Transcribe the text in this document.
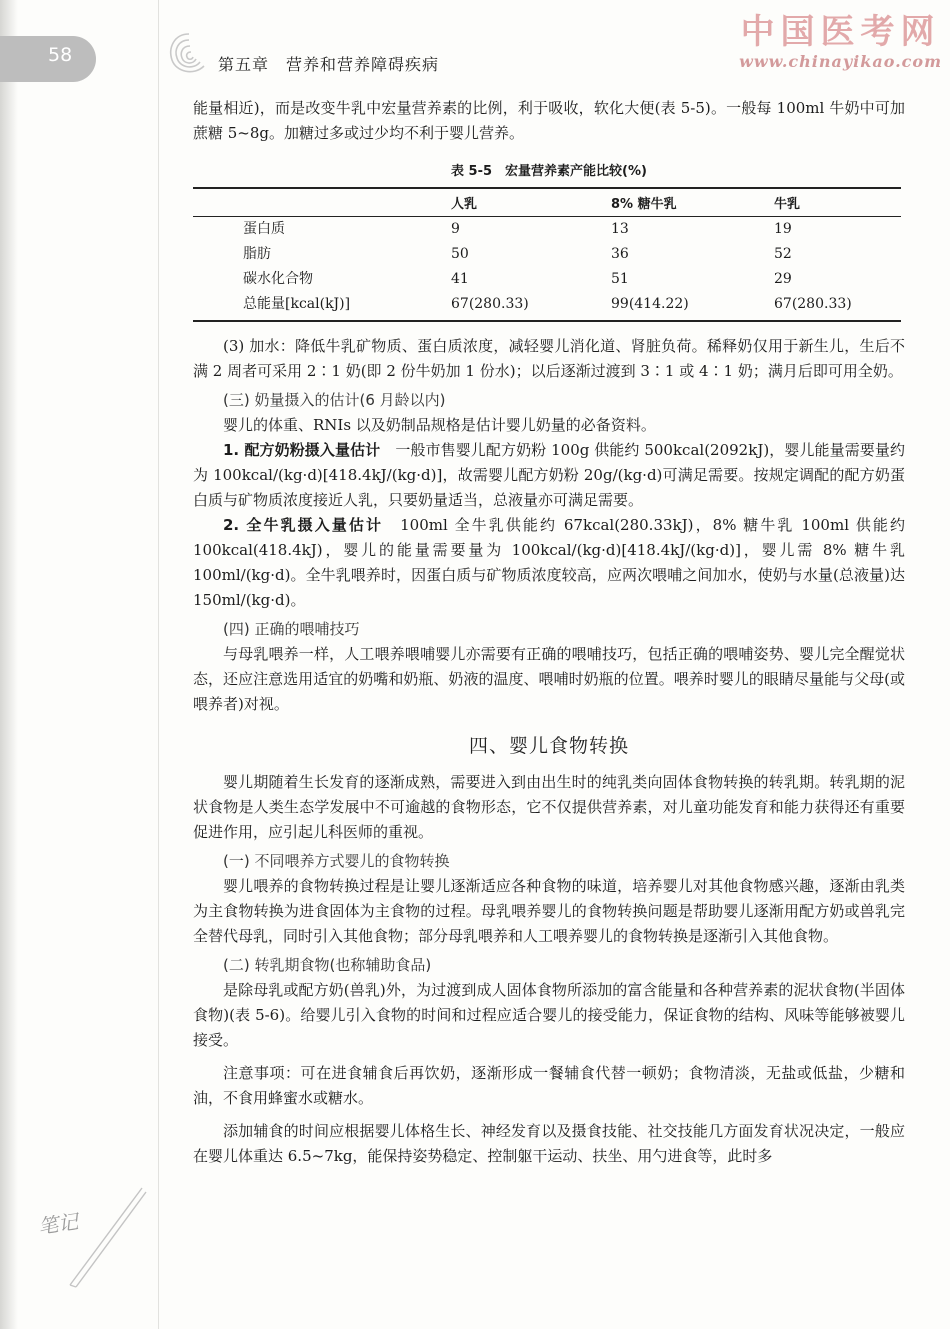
58	第五章　营养和营养障碍疾病
中国医考网
www.chinayikao.com

能量相近)，而是改变牛乳中宏量营养素的比例，利于吸收，软化大便(表 5-5)。一般每 100ml 牛奶中可加蔗糖 5~8g。加糖过多或过少均不利于婴儿营养。

表 5-5　宏量营养素产能比较(%)
	人乳	8% 糖牛乳	牛乳
蛋白质	9	13	19
脂肪	50	36	52
碳水化合物	41	51	29
总能量[kcal(kJ)]	67(280.33)	99(414.22)	67(280.33)

(3) 加水：降低牛乳矿物质、蛋白质浓度，减轻婴儿消化道、肾脏负荷。稀释奶仅用于新生儿，生后不满 2 周者可采用 2∶1 奶(即 2 份牛奶加 1 份水)；以后逐渐过渡到 3∶1 或 4∶1 奶；满月后即可用全奶。

(三) 奶量摄入的估计(6 月龄以内)

婴儿的体重、RNIs 以及奶制品规格是估计婴儿奶量的必备资料。

1. 配方奶粉摄入量估计　一般市售婴儿配方奶粉 100g 供能约 500kcal(2092kJ)，婴儿能量需要量约为 100kcal/(kg·d)[418.4kJ/(kg·d)]，故需婴儿配方奶粉 20g/(kg·d)可满足需要。按规定调配的配方奶蛋白质与矿物质浓度接近人乳，只要奶量适当，总液量亦可满足需要。

2. 全牛乳摄入量估计　100ml 全牛乳供能约 67kcal(280.33kJ)，8% 糖牛乳 100ml 供能约 100kcal(418.4kJ)，婴儿的能量需要量为 100kcal/(kg·d)[418.4kJ/(kg·d)]，婴儿需 8% 糖牛乳 100ml/(kg·d)。全牛乳喂养时，因蛋白质与矿物质浓度较高，应两次喂哺之间加水，使奶与水量(总液量)达 150ml/(kg·d)。

(四) 正确的喂哺技巧

与母乳喂养一样，人工喂养喂哺婴儿亦需要有正确的喂哺技巧，包括正确的喂哺姿势、婴儿完全醒觉状态，还应注意选用适宜的奶嘴和奶瓶、奶液的温度、喂哺时奶瓶的位置。喂养时婴儿的眼睛尽量能与父母(或喂养者)对视。

四、婴儿食物转换

婴儿期随着生长发育的逐渐成熟，需要进入到由出生时的纯乳类向固体食物转换的转乳期。转乳期的泥状食物是人类生态学发展中不可逾越的食物形态，它不仅提供营养素，对儿童功能发育和能力获得还有重要促进作用，应引起儿科医师的重视。

(一) 不同喂养方式婴儿的食物转换

婴儿喂养的食物转换过程是让婴儿逐渐适应各种食物的味道，培养婴儿对其他食物感兴趣，逐渐由乳类为主食物转换为进食固体为主食物的过程。母乳喂养婴儿的食物转换问题是帮助婴儿逐渐用配方奶或兽乳完全替代母乳，同时引入其他食物；部分母乳喂养和人工喂养婴儿的食物转换是逐渐引入其他食物。

(二) 转乳期食物(也称辅助食品)

是除母乳或配方奶(兽乳)外，为过渡到成人固体食物所添加的富含能量和各种营养素的泥状食物(半固体食物)(表 5-6)。给婴儿引入食物的时间和过程应适合婴儿的接受能力，保证食物的结构、风味等能够被婴儿接受。

注意事项：可在进食辅食后再饮奶，逐渐形成一餐辅食代替一顿奶；食物清淡，无盐或低盐，少糖和油，不食用蜂蜜水或糖水。

添加辅食的时间应根据婴儿体格生长、神经发育以及摄食技能、社交技能几方面发育状况决定，一般应在婴儿体重达 6.5~7kg，能保持姿势稳定、控制躯干运动、扶坐、用勺进食等，此时多

笔记
